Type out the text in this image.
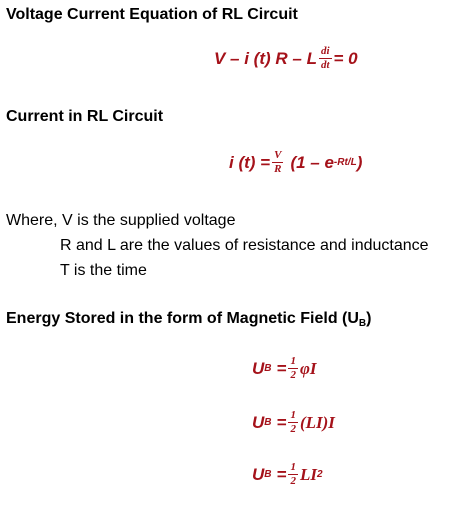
Voltage Current Equation of RL Circuit
V – i (t) R – L $\frac{di}{dt} = 0$
Current in RL Circuit
i $(t) = \frac{V}{R} (1 - e$ -Rt/L )
Where, V is the supplied voltage
R and L are the values of resistance and inductance
T is the time
Energy Stored in the form of Magnetic Field $(U_B)$
U $B = \frac{1}{2}$ φI
U $B = \frac{1}{2} (LI)I$
U $B = \frac{1}{2}$ LI 2
